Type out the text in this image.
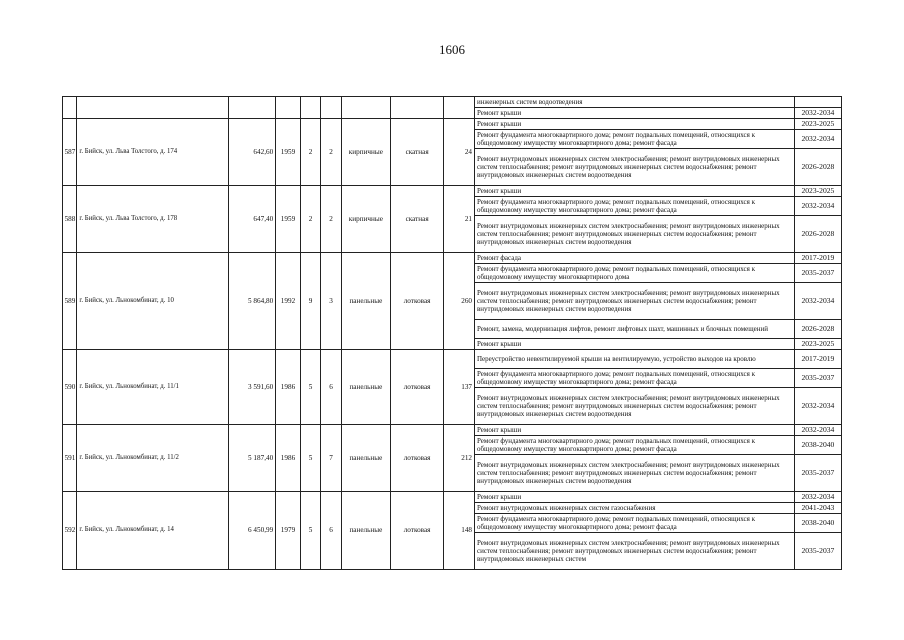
1606
									инженерных систем водоотведения	
									Ремонт крыши	2032-2034
587	г. Бийск, ул. Льва Толстого, д. 174	642,60	1959	2	2	кирпичные	скатная	24	Ремонт крыши	2023-2025
									Ремонт фундамента многоквартирного дома; ремонт подвальных помещений, относящихся к общедомовому имуществу многоквартирного дома; ремонт фасада	2032-2034
									Ремонт внутридомовых инженерных систем электроснабжения; ремонт внутридомовых инженерных систем теплоснабжения; ремонт внутридомовых инженерных систем водоснабжения; ремонт внутридомовых инженерных систем водоотведения	2026-2028
588	г. Бийск, ул. Льва Толстого, д. 178	647,40	1959	2	2	кирпичные	скатная	21	Ремонт крыши	2023-2025
									Ремонт фундамента многоквартирного дома; ремонт подвальных помещений, относящихся к общедомовому имуществу многоквартирного дома; ремонт фасада	2032-2034
									Ремонт внутридомовых инженерных систем электроснабжения; ремонт внутридомовых инженерных систем теплоснабжения; ремонт внутридомовых инженерных систем водоснабжения; ремонт внутридомовых инженерных систем водоотведения	2026-2028
589	г. Бийск, ул. Льнокомбинат, д. 10	5 864,80	1992	9	3	панельные	лотковая	260	Ремонт фасада	2017-2019
									Ремонт фундамента многоквартирного дома; ремонт подвальных помещений, относящихся к общедомовому имуществу многоквартирного дома	2035-2037
									Ремонт внутридомовых инженерных систем электроснабжения; ремонт внутридомовых инженерных систем теплоснабжения; ремонт внутридомовых инженерных систем водоснабжения; ремонт внутридомовых инженерных систем водоотведения	2032-2034
									Ремонт, замена, модернизация лифтов, ремонт лифтовых шахт, машинных и блочных помещений	2026-2028
									Ремонт крыши	2023-2025
590	г. Бийск, ул. Льнокомбинат, д. 11/1	3 591,60	1986	5	6	панельные	лотковая	137	Переустройство невентилируемой крыши на вентилируемую, устройство выходов на кровлю	2017-2019
									Ремонт фундамента многоквартирного дома; ремонт подвальных помещений, относящихся к общедомовому имуществу многоквартирного дома; ремонт фасада	2035-2037
									Ремонт внутридомовых инженерных систем электроснабжения; ремонт внутридомовых инженерных систем теплоснабжения; ремонт внутридомовых инженерных систем водоснабжения; ремонт внутридомовых инженерных систем водоотведения	2032-2034
591	г. Бийск, ул. Льнокомбинат, д. 11/2	5 187,40	1986	5	7	панельные	лотковая	212	Ремонт крыши	2032-2034
									Ремонт фундамента многоквартирного дома; ремонт подвальных помещений, относящихся к общедомовому имуществу многоквартирного дома; ремонт фасада	2038-2040
									Ремонт внутридомовых инженерных систем электроснабжения; ремонт внутридомовых инженерных систем теплоснабжения; ремонт внутридомовых инженерных систем водоснабжения; ремонт внутридомовых инженерных систем водоотведения	2035-2037
592	г. Бийск, ул. Льнокомбинат, д. 14	6 450,99	1979	5	6	панельные	лотковая	148	Ремонт крыши	2032-2034
									Ремонт внутридомовых инженерных систем газоснабжения	2041-2043
									Ремонт фундамента многоквартирного дома; ремонт подвальных помещений, относящихся к общедомовому имуществу многоквартирного дома; ремонт фасада	2038-2040
									Ремонт внутридомовых инженерных систем электроснабжения; ремонт внутридомовых инженерных систем теплоснабжения; ремонт внутридомовых инженерных систем водоснабжения; ремонт внутридомовых инженерных систем	2035-2037
